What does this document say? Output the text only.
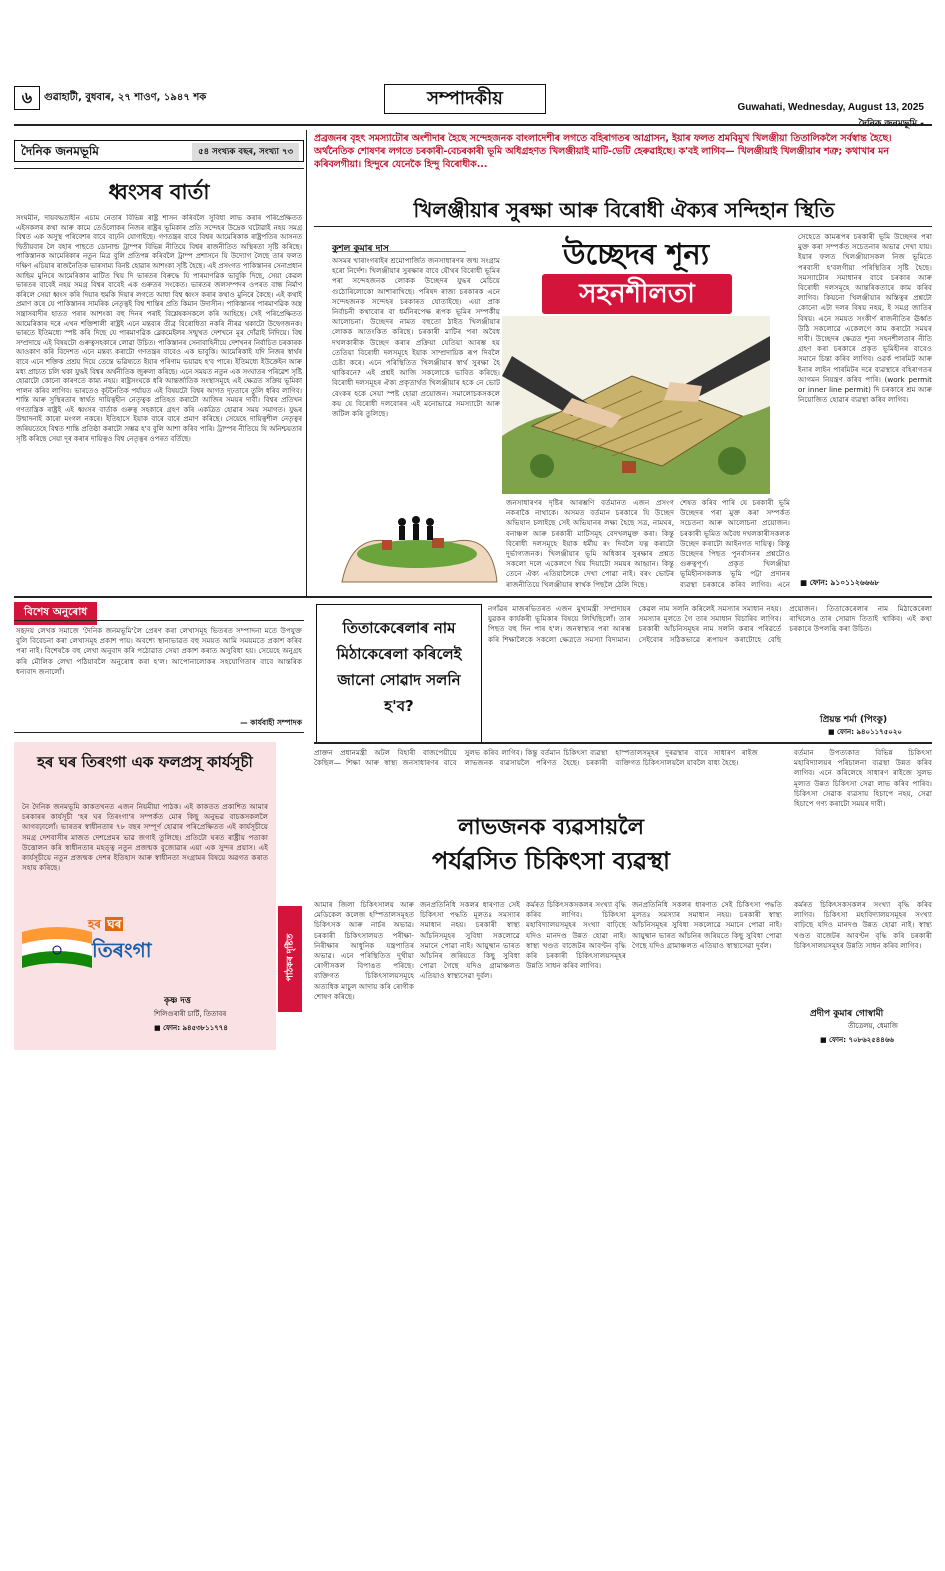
৬	গুৱাহাটী, বুধবাৰ, ২৭ শাওণ, ১৯৪৭ শক	সম্পাদকীয়	Guwahati, Wednesday, August 13, 2025
দৈনিক জনমভূমি	৫৪ সংখ্যক বছৰ, সংখ্যা ৭৩
ধ্বংসৰ বাৰ্তা
সংঘমীন, দায়বদ্ধতাহীন এচাম নেতাৰ বিভিন্ন ৰাষ্ট্ৰ শাসন কৰিবলৈ সুবিধা লাভ কৰাৰ পৰিপ্ৰেক্ষিতত এইসকলৰ কথা আৰু কামে তেওঁলোকৰ নিজৰ ৰাষ্ট্ৰৰ ভূমিকাৰ প্ৰতি সন্দেহৰ উদ্ৰেক ঘটোৱাই নহয় সমগ্ৰ বিশ্বত এক অসুস্থ পৰিবেশৰ বাবে বাঢ়নি যোগাইছে। গণতন্ত্ৰৰ বাবে বিশ্বৰ আমেৰিকাক ৰাষ্ট্ৰপতিৰ আসনত দ্বিতীয়বাৰ লৈ বহাৰ পাছতে ডোনাল্ড ট্ৰাম্পৰ বিভিন্ন নীতিয়ে বিশ্বৰ ৰাজনীতিত অস্থিৰতা সৃষ্টি কৰিছে। পাকিস্তানক আমেৰিকাৰ নতুন মিত্ৰ বুলি প্ৰতিপন্ন কৰিবলৈ ট্ৰাম্প প্ৰশাসনে যি উদ্যোগ লৈছে তাৰ ফলত দক্ষিণ এচিয়াৰ ৰাজনৈতিক ভাৰসাম্য বিনষ্ট হোৱাৰ আশংকা সৃষ্টি হৈছে। এই প্ৰসংগত পাকিস্তানৰ সেনাপ্ৰধান আছিম মুনিৰে আমেৰিকাৰ মাটিত থিয় দি ভাৰতৰ বিৰুদ্ধে যি পাৰমাণৱিক ভাবুকি দিছে, সেয়া কেৱল ভাৰতৰ বাবেই নহয় সমগ্ৰ বিশ্বৰ বাবেই এক গুৰুতৰ সংকেত। ভাৰতৰ জলসম্পদৰ ওপৰত বান্ধ নিৰ্মাণ কৰিলে সেয়া ধ্বংস কৰি দিয়াৰ হুমকি দিয়াৰ লগতে আধা বিশ্ব ধ্বংস কৰাৰ কথাও মুনিৰে কৈছে। এই কথাই প্ৰমাণ কৰে যে পাকিস্তানৰ সামৰিক নেতৃত্বই বিশ্ব শান্তিৰ প্ৰতি কিমান উদাসীন। পাকিস্তানৰ পাৰমাণৱিক অস্ত্ৰ সন্ত্ৰাসবাদীৰ হাতত পৰাৰ আশংকা বহু দিনৰ পৰাই বিশ্লেষকসকলে কৰি আহিছে। সেই পৰিপ্ৰেক্ষিতত আমেৰিকাৰ দৰে এখন শক্তিশালী ৰাষ্ট্ৰই এনে মন্তব্যৰ তীব্ৰ বিৰোধিতা নকৰি নীৰৱ থকাটো উদ্বেগজনক। ভাৰতে ইতিমধ্যে স্পষ্ট কৰি দিছে যে পাৰমাণৱিক ব্লেকমেইলৰ সন্মুখত দেশখনে মূৰ দোঁৱাই নিদিয়ে। বিশ্ব সম্প্ৰদায়ে এই বিষয়টো গুৰুত্বসহকাৰে লোৱা উচিত। পাকিস্তানৰ সেনাবাহিনীয়ে দেশখনৰ নিৰ্বাচিত চৰকাৰক আওকাণ কৰি বিদেশত এনে মন্তব্য কৰাটো গণতন্ত্ৰৰ বাবেও এক ভাবুকি। আমেৰিকাই যদি নিজৰ স্বাৰ্থৰ বাবে এনে শক্তিক প্ৰশ্ৰয় দিয়ে তেন্তে ভৱিষ্যতে ইয়াৰ পৰিণাম ভয়াৱহ হ'ব পাৰে। ইতিমধ্যে ইউক্ৰেইন আৰু মধ্য প্ৰাচ্যত চলি থকা যুদ্ধই বিশ্বৰ অৰ্থনীতিক জুৰুলা কৰিছে। এনে সময়ত নতুন এক সংঘাতৰ পৰিৱেশ সৃষ্টি হোৱাটো কোনো কাৰণতে কাম্য নহয়। ৰাষ্ট্ৰসংঘকে ধৰি আন্তৰ্জাতিক সংস্থাসমূহে এই ক্ষেত্ৰত সক্ৰিয় ভূমিকা পালন কৰিব লাগিব। ভাৰতেও কূটনৈতিক পৰ্যায়ত এই বিষয়টো বিশ্বৰ আগত দৃঢ়তাৰে তুলি ধৰিব লাগিব। শান্তি আৰু সুস্থিৰতাৰ স্বাৰ্থত দায়িত্বহীন নেতৃত্বক প্ৰতিহত কৰাটো আজিৰ সময়ৰ দাবী। বিশ্বৰ প্ৰতিখন গণতান্ত্ৰিক ৰাষ্ট্ৰই এই ধ্বংসৰ বাৰ্তাক গুৰুত্ব সহকাৰে গ্ৰহণ কৰি একত্ৰিত হোৱাৰ সময় সমাগত। যুদ্ধৰ উন্মাদনাই কাৰো মংগল নকৰে। ইতিহাসে ইয়াক বাৰে বাৰে প্ৰমাণ কৰিছে। সেয়েহে দায়িত্বশীল নেতৃত্বৰ জৰিয়তেহে বিশ্বত শান্তি প্ৰতিষ্ঠা কৰাটো সম্ভৱ হ'ব বুলি আশা কৰিব পাৰি। ট্ৰাম্পৰ নীতিয়ে যি অনিশ্চয়তাৰ সৃষ্টি কৰিছে সেয়া দূৰ কৰাৰ দায়িত্বও বিশ্ব নেতৃত্বৰ ওপৰত বৰ্তিছে।
প্ৰব্ৰজনৰ বৃহৎ সমস্যাটোৰ অংশীদাৰ হৈছে সন্দেহজনক বাংলাদেশীৰ লগতে বহিৰাগতৰ আগ্ৰাসন, ইয়াৰ ফলত শ্ৰমবিমুখ খিলঞ্জীয়া তিতালিকলৈ সৰ্বস্বান্ত হৈছে। অৰ্থনৈতিক শোষণৰ লগতে চৰকাৰী-বেচৰকাৰী ভূমি অধিগ্ৰহণত খিলঞ্জীয়াই মাটি-ভেটি হেৰুৱাইছে। ক'বই লাগিব— খিলঞ্জীয়াই খিলঞ্জীয়াৰ শত্ৰু; কথাখাৰ মন কৰিবলগীয়া। হিন্দুৰে যেনেকৈ হিন্দু বিৰোধীক...
খিলঞ্জীয়াৰ সুৰক্ষা আৰু বিৰোধী ঐক্যৰ সন্দিহান স্থিতি
কুশল কুমাৰ দাস
অসমৰ খাৰাংগৰাইৰ শ্ৰমোপাৰ্জিত জনসাধাৰণৰ জন্ম সংগ্ৰাম হৰো নিৰ্দেশ। খিলঞ্জীয়াৰ সুৰক্ষাৰ বাবে যৌথৰ বিৰোধী ভূমিৰ পৰা সন্দেহজনক লোকক উচ্ছেদৰ যুদ্ধৰ মেচিয়ে গুঠোৰিলোকো আশাৰাখিছে। পৰিষদ ৰাজ্য চৰকাৰক এনে সন্দেহজনক সন্দেহৰ চৰকাৰত যোতাইছে। এয়া প্ৰাক নিৰ্বাচনী কথাবোৰ বা ধৰ্মনিৰপেক্ষ ৰূপক ভূমিৰ সম্পৰ্কীয় আলোচনা। উচ্ছেদৰ নামত বহুতো ঠাইত খিলঞ্জীয়াৰ লোকক আতংকিত কৰিছে। চৰকাৰী মাটিৰ পৰা অবৈধ দখলকাৰীক উচ্ছেদ কৰাৰ প্ৰক্ৰিয়া যেতিয়া আৰম্ভ হয় তেতিয়া বিৰোধী দলসমূহে ইয়াক সাম্প্ৰদায়িক ৰূপ দিবলৈ চেষ্টা কৰে। এনে পৰিস্থিতিত খিলঞ্জীয়াৰ স্বাৰ্থ সুৰক্ষা হৈ থাকিবনে? এই প্ৰশ্নই আজি সকলোকে ভাবিত কৰিছে। বিৰোধী দলসমূহৰ ঐক্য প্ৰকৃতাৰ্থত খিলঞ্জীয়াৰ হকে নে ভোট বেংকৰ হকে সেয়া স্পষ্ট হোৱা প্ৰয়োজন। সমালোচকসকলে কয় যে বিৰোধী দলবোৰৰ এই মনোভাৱে সমস্যাটো আৰু জটিল কৰি তুলিছে।
উচ্ছেদৰ শূন্য
সহনশীলতা
জনসাধাৰণৰ দৃষ্টিৰ আৰম্ভণি বৰ্তমানত এজন প্ৰসংগ নকৰাকৈ নাথাকে। অসমত বৰ্তমান চৰকাৰে যি উচ্ছেদ অভিযান চলাইছে সেই অভিযানৰ লক্ষ্য হৈছে সত্ৰ, নামঘৰ, বনাঞ্চল আৰু চৰকাৰী মাটিসমূহ বেদখলমুক্ত কৰা। কিন্তু বিৰোধী দলসমূহে ইয়াক ধৰ্মীয় ৰং দিবলৈ যত্ন কৰাটো দুৰ্ভাগ্যজনক। খিলঞ্জীয়াৰ ভূমি অধিকাৰ সুৰক্ষাৰ প্ৰশ্নত সকলো দলে একেলগে থিয় দিয়াটো সময়ৰ আহ্বান। কিন্তু তেনে ঐক্য এতিয়ালৈকে দেখা পোৱা নাই। বৰং ভোটৰ ৰাজনীতিয়ে খিলঞ্জীয়াৰ স্বাৰ্থক পিছলৈ ঠেলি দিছে।
শেষত কৰিব পাৰি যে চৰকাৰী ভূমি উচ্ছেদৰ পৰা মুক্ত কৰা সম্পৰ্কত সচেতনা আৰু আলোচনা প্ৰয়োজন। চৰকাৰী ভূমিত অবৈধ দখলকাৰীসকলক উচ্ছেদ কৰাটো আইনগত দায়িত্ব। কিন্তু উচ্ছেদৰ পিছত পুনৰ্বাসনৰ প্ৰশ্নটোও গুৰুত্বপূৰ্ণ। প্ৰকৃত খিলঞ্জীয়া ভূমিহীনসকলক ভূমি পট্টা প্ৰদানৰ ব্যৱস্থা চৰকাৰে কৰিব লাগিব। এনে
সেহেতে কামৰূপৰ চৰকাৰী ভূমি উচ্ছেদৰ পৰা মুক্ত কৰা সম্পৰ্কত সচেতনাৰ অভাৱ দেখা যায়। ইয়াৰ ফলত খিলঞ্জীয়াসকল নিজ ভূমিতে পৰবাসী হ'বলগীয়া পৰিস্থিতিৰ সৃষ্টি হৈছে। সমস্যাটোৰ সমাধানৰ বাবে চৰকাৰ আৰু বিৰোধী দলসমূহে আন্তৰিকতাৰে কাম কৰিব লাগিব। কিয়নো খিলঞ্জীয়াৰ অস্তিত্বৰ প্ৰশ্নটো কোনো এটা দলৰ বিষয় নহয়, ই সমগ্ৰ জাতিৰ বিষয়। এনে সময়ত সংকীৰ্ণ ৰাজনীতিৰ ঊৰ্ধ্বত উঠি সকলোৱে একেলগে কাম কৰাটো সময়ৰ দাবী। উচ্ছেদৰ ক্ষেত্ৰত শূন্য সহনশীলতাৰ নীতি গ্ৰহণ কৰা চৰকাৰে প্ৰকৃত ভূমিহীনৰ বাবেও সমানে চিন্তা কৰিব লাগিব। ওৱৰ্ক পাৰমিট আৰু ইনাৰ লাইন পাৰমিটৰ দৰে ব্যৱস্থাৰে বহিৰাগতৰ আগমন নিয়ন্ত্ৰণ কৰিব পাৰি। (work permit or inner line permit) দি চৰকাৰে শ্ৰম আৰু নিয়োজিত হোৱাৰ ব্যৱস্থা কৰিব লাগিব।
■ ফোন: ৯১০১১২৬৬৬৮
বিশেষ অনুৰোধ
সহৃদয় লেখক সমাজে 'দৈনিক জনমভূমি'লৈ প্ৰেৰণ কৰা লেখাসমূহ ভিতৰত সম্পাদনা মতে উপযুক্ত বুলি বিবেচনা কৰা লেখাসমূহ প্ৰকাশ পায়। অবশ্যে স্থানাভাৱত বহু সময়ত আমি সময়মতে প্ৰকাশ কৰিব পৰা নাই। বিশেষকৈ বহু লেখা অনুবাদ কৰি পঠোৱাত সেয়া প্ৰকাশ কৰাত অসুবিধা হয়। সেয়েহে অনুগ্ৰহ কৰি মৌলিক লেখা পঠিয়াবলৈ অনুৰোধ কৰা হ'ল। আপোনালোকৰ সহযোগিতাৰ বাবে আন্তৰিক ধন্যবাদ জনালোঁ।
— কাৰ্যবাহী সম্পাদক
হৰ ঘৰ তিৰংগা এক ফলপ্ৰসূ কাৰ্যসূচী
নৈ দৈনিক জনমভূমি কাকতখনত এজন নিয়মীয়া পাঠক। এই কাকতত প্ৰকাশিত আমাৰ চৰকাৰৰ কাৰ্যসূচী 'হৰ ঘৰ তিৰংগা'ৰ সম্পৰ্কত মোৰ কিছু অনুভৱ বাচকসকললৈ আগবঢ়ালোঁ। ভাৰতৰ স্বাধীনতাৰ ৭৮ বছৰ সম্পূৰ্ণ হোৱাৰ পৰিপ্ৰেক্ষিতত এই কাৰ্যসূচীয়ে সমগ্ৰ দেশবাসীৰ মাজত দেশপ্ৰেমৰ ভাৱ জগাই তুলিছে। প্ৰতিটো ঘৰত ৰাষ্ট্ৰীয় পতাকা উত্তোলন কৰি স্বাধীনতাৰ মহত্ত্ব নতুন প্ৰজন্মক বুজোৱাৰ এয়া এক সুন্দৰ প্ৰয়াস। এই কাৰ্যসূচীয়ে নতুন প্ৰজন্মক দেশৰ ইতিহাস আৰু স্বাধীনতা সংগ্ৰামৰ বিষয়ে অৱগত কৰাত সহায় কৰিছে।
হৰ ঘৰ
তিৰংগা
কৃষ্ণ দত্ত
শিলিগুৰাৰী চাৰ্টি, তিতাবৰ
■ ফোন: ৯৪৫৩৮১১৭৭৪
পাঠকৰ দৃষ্টিত
তিতাকেৰেলাৰ নাম মিঠাকেৰেলা কৰিলেই জানো সোৱাদ সলনি হ'ব?
নগাঁৱৰ মাজৰভিতৰত এজন মুখ্যমন্ত্ৰী সম্প্ৰদায়ৰ যুৱকৰ কাৰ্যকৰী ভূমিকাৰ বিষয়ে লিখিছিলোঁ। তাৰ পিছত বহু দিন পাৰ হ'ল। জনস্বাস্থ্যৰ পৰা আৰম্ভ কৰি শিক্ষালৈকে সকলো ক্ষেত্ৰতে সমস্যা বিদ্যমান। কেৱল নাম সলনি কৰিলেই সমস্যাৰ সমাধান নহয়। সমস্যাৰ মূলতে গৈ তাৰ সমাধান বিচাৰিব লাগিব। চৰকাৰী আঁচনিসমূহৰ নাম সলনি কৰাৰ পৰিৱৰ্তে সেইবোৰ সঠিকভাৱে ৰূপায়ণ কৰাটোহে বেছি প্ৰয়োজন। তিতাকেৰেলাৰ নাম মিঠাকেৰেলা ৰাখিলেও তাৰ সোৱাদ তিতাই থাকিব। এই কথা চৰকাৰে উপলব্ধি কৰা উচিত।
প্ৰিয়ন্ত শৰ্মা (পিংকু)
■ ফোন: ৯৪০১১৭৫০২০
প্ৰাক্তন প্ৰধানমন্ত্ৰী অটল বিহাৰী বাজপেয়ীয়ে কৈছিল— শিক্ষা আৰু স্বাস্থ্য জনসাধাৰণৰ বাবে সুলভ কৰিব লাগিব। কিন্তু বৰ্তমান চিকিৎসা ব্যৱস্থা লাভজনক ব্যৱসায়লৈ পৰিণত হৈছে। চৰকাৰী হাস্পতালসমূহৰ দুৰৱস্থাৰ বাবে সাধাৰণ ৰাইজ ব্যক্তিগত চিকিৎসালয়লৈ যাবলৈ বাধ্য হৈছে।
বৰ্তমান উপত্যকাত বিভিন্ন চিকিৎসা মহাবিদ্যালয়ৰ পৰিচালনা ব্যৱস্থা উন্নত কৰিব লাগিব। এনে কৰিলেহে সাধাৰণ ৰাইজে সুলভ মূল্যত উন্নত চিকিৎসা সেৱা লাভ কৰিব পাৰিব। চিকিৎসা সেৱাক ব্যৱসায় হিচাপে নহয়, সেৱা হিচাপে গণ্য কৰাটো সময়ৰ দাবী।
লাভজনক ব্যৱসায়লৈ
পৰ্যৱসিত চিকিৎসা ব্যৱস্থা
আমাৰ জিলা চিকিৎসালয় আৰু মেডিকেল কলেজ হস্পিতালসমূহত চিকিৎসক আৰু নাৰ্চৰ অভাৱ। চৰকাৰী চিকিৎসালয়ত পৰীক্ষা-নিৰীক্ষাৰ আধুনিক যন্ত্ৰপাতিৰ অভাৱ। এনে পৰিস্থিতিত দুখীয়া ৰোগীসকল বিপাঙত পৰিছে। ব্যক্তিগত চিকিৎসালয়সমূহে অত্যধিক মাচুল আদায় কৰি ৰোগীক শোষণ কৰিছে।
জনপ্ৰতিনিধি সকলৰ ধাৰণাত সেই চিকিৎসা পদ্ধতি মূলতঃ সমস্যাৰ সমাধান নহয়। চৰকাৰী স্বাস্থ্য আঁচনিসমূহৰ সুবিধা সকলোৱে সমানে পোৱা নাই। আয়ুষ্মান ভাৰত আঁচনিৰ জৰিয়তে কিছু সুবিধা পোৱা গৈছে যদিও গ্ৰামাঞ্চলত এতিয়াও স্বাস্থ্যসেৱা দুৰ্বল।
কৰ্মৰত চিকিৎসকসকলৰ সংখ্যা বৃদ্ধি কৰিব লাগিব। চিকিৎসা মহাবিদ্যালয়সমূহৰ সংখ্যা বাঢ়িছে যদিও মানদণ্ড উন্নত হোৱা নাই। স্বাস্থ্য খণ্ডত বাজেটৰ আবণ্টন বৃদ্ধি কৰি চৰকাৰী চিকিৎসালয়সমূহৰ উন্নতি সাধন কৰিব লাগিব।
জনপ্ৰতিনিধি সকলৰ ধাৰণাত সেই চিকিৎসা পদ্ধতি মূলতঃ সমস্যাৰ সমাধান নহয়। চৰকাৰী স্বাস্থ্য আঁচনিসমূহৰ সুবিধা সকলোৱে সমানে পোৱা নাই। আয়ুষ্মান ভাৰত আঁচনিৰ জৰিয়তে কিছু সুবিধা পোৱা গৈছে যদিও গ্ৰামাঞ্চলত এতিয়াও স্বাস্থ্যসেৱা দুৰ্বল।
কৰ্মৰত চিকিৎসকসকলৰ সংখ্যা বৃদ্ধি কৰিব লাগিব। চিকিৎসা মহাবিদ্যালয়সমূহৰ সংখ্যা বাঢ়িছে যদিও মানদণ্ড উন্নত হোৱা নাই। স্বাস্থ্য খণ্ডত বাজেটৰ আবণ্টন বৃদ্ধি কৰি চৰকাৰী চিকিৎসালয়সমূহৰ উন্নতি সাধন কৰিব লাগিব।
প্ৰদীপ কুমাৰ গোস্বামী
তীত্ৰেলয়, ধেমাজি
■ ফোন: ৭০৮৬২৫৪৪৬৬
